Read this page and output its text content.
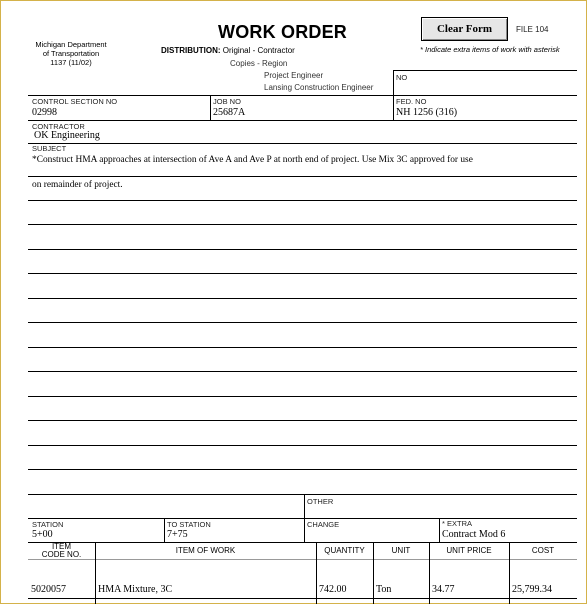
Michigan Department
of Transportation
1137 (11/02)
WORK ORDER
DISTRIBUTION: Original - Contractor
Copies - Region
Project Engineer
Lansing Construction Engineer
Clear Form	FILE 104
* Indicate extra items of work with asterisk
NO
CONTROL SECTION NO
02998
JOB NO
25687A
FED. NO
NH 1256 (316)
CONTRACTOR
OK Engineering
SUBJECT
*Construct HMA approaches at intersection of Ave A and Ave P at north end of project. Use Mix 3C approved for use
on remainder of project.
OTHER
STATION
5+00
TO STATION
7+75
CHANGE	* EXTRA
Contract Mod 6
ITEM
CODE NO.	ITEM OF WORK	QUANTITY	UNIT	UNIT PRICE	COST
5020057	HMA Mixture, 3C	742.00	Ton	34.77	25,799.34
